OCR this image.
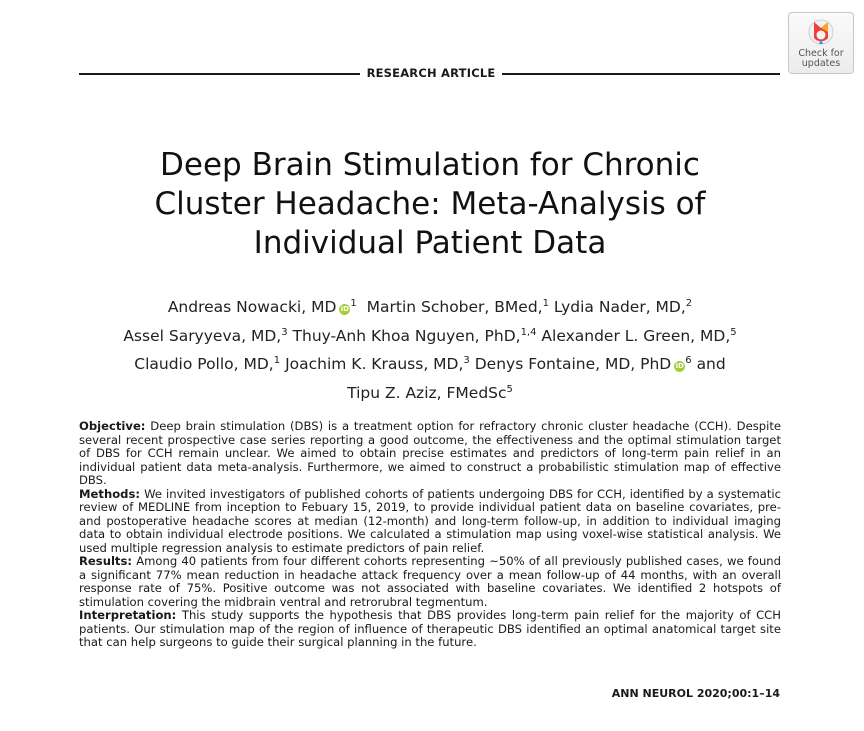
Check for
updates
RESEARCH ARTICLE
Deep Brain Stimulation for Chronic
Cluster Headache: Meta-Analysis of
Individual Patient Data
Andreas Nowacki, MD $iD^1$ Martin Schober, BMed,$^1$ Lydia Nader, MD,$^2$
Assel Saryyeva, MD,$^3$ Thuy-Anh Khoa Nguyen, PhD,$^{1,4}$ Alexander L. Green, MD,$^5$
Claudio Pollo, MD,$^1$ Joachim K. Krauss, MD,$^3$ Denys Fontaine, MD, PhD $iD^6$ and
Tipu Z. Aziz, FMedSc$^5$

Objective: Deep brain stimulation (DBS) is a treatment option for refractory chronic cluster headache (CCH). Despite several recent prospective case series reporting a good outcome, the effectiveness and the optimal stimulation target of DBS for CCH remain unclear. We aimed to obtain precise estimates and predictors of long-term pain relief in an individual patient data meta-analysis. Furthermore, we aimed to construct a probabilistic stimulation map of effective DBS.

Methods: We invited investigators of published cohorts of patients undergoing DBS for CCH, identified by a systematic review of MEDLINE from inception to Febuary 15, 2019, to provide individual patient data on baseline covariates, pre- and postoperative headache scores at median (12-month) and long-term follow-up, in addition to individual imaging data to obtain individual electrode positions. We calculated a stimulation map using voxel-wise statistical analysis. We used multiple regression analysis to estimate predictors of pain relief.

Results: Among 40 patients from four different cohorts representing ~50% of all previously published cases, we found a significant 77% mean reduction in headache attack frequency over a mean follow-up of 44 months, with an overall response rate of 75%. Positive outcome was not associated with baseline covariates. We identified 2 hotspots of stimulation covering the midbrain ventral and retrorubral tegmentum.

Interpretation: This study supports the hypothesis that DBS provides long-term pain relief for the majority of CCH patients. Our stimulation map of the region of influence of therapeutic DBS identified an optimal anatomical target site that can help surgeons to guide their surgical planning in the future.

ANN NEUROL 2020;00:1–14
